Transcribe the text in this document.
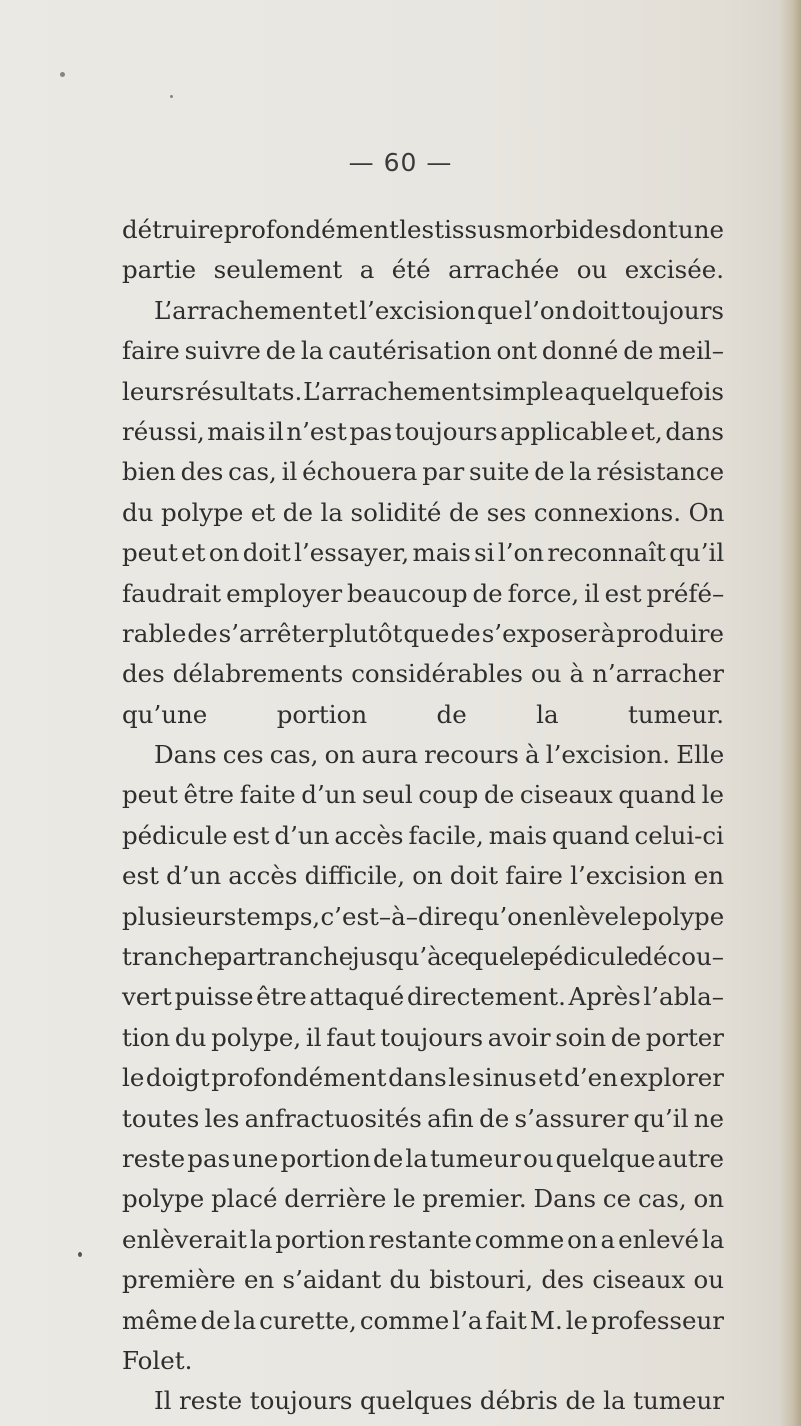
— 60 —
détruire profondément les tissus morbides dont une
partie seulement a été arrachée ou excisée.
L’arrachement et l’excision que l’on doit toujours
faire suivre de la cautérisation ont donné de meil–
leurs résultats. L’arrachement simple a quelquefois
réussi, mais il n’est pas toujours applicable et, dans
bien des cas, il échouera par suite de la résistance
du polype et de la solidité de ses connexions. On
peut et on doit l’essayer, mais si l’on reconnaît qu’il
faudrait employer beaucoup de force, il est préfé–
rable de s’arrêter plutôt que de s’exposer à produire
des délabrements considérables ou à n’arracher
qu’une portion de la tumeur.
Dans ces cas, on aura recours à l’excision. Elle
peut être faite d’un seul coup de ciseaux quand le
pédicule est d’un accès facile, mais quand celui-ci
est d’un accès difficile, on doit faire l’excision en
plusieurs temps, c’est–à–dire qu’on enlève le polype
tranche par tranche jusqu’à ce que le pédicule décou–
vert puisse être attaqué directement. Après l’abla–
tion du polype, il faut toujours avoir soin de porter
le doigt profondément dans le sinus et d’en explorer
toutes les anfractuosités afin de s’assurer qu’il ne
reste pas une portion de la tumeur ou quelque autre
polype placé derrière le premier. Dans ce cas, on
enlèverait la portion restante comme on a enlevé la
première en s’aidant du bistouri, des ciseaux ou
même de la curette, comme l’a fait M. le professeur
Folet.
Il reste toujours quelques débris de la tumeur
